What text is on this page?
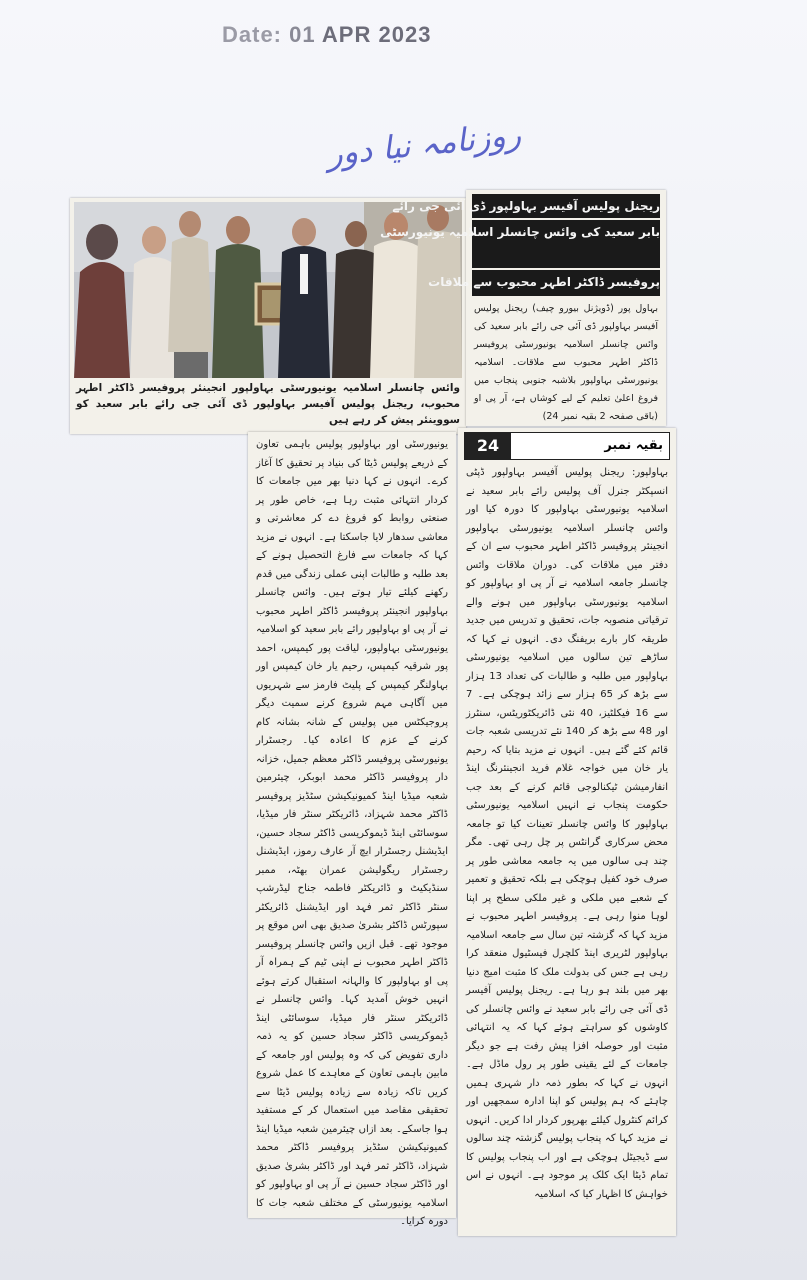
Date: 01 APR 2023
روزنامہ نیا دور
وائس چانسلر اسلامیہ یونیورسٹی بہاولپور انجینئر پروفیسر ڈاکٹر اطہر محبوب، ریجنل پولیس آفیسر بہاولپور ڈی آئی جی رائے بابر سعید کو سووینئر پیش کر رہے ہیں
ریجنل پولیس آفیسر بہاولپور ڈی آئی جی رائے
بابر سعید کی وائس چانسلر اسلامیہ یونیورسٹی
پروفیسر ڈاکٹر اطہر محبوب سے ملاقات
بہاول پور (ڈویژنل بیورو چیف) ریجنل پولیس آفیسر بہاولپور ڈی آئی جی رائے بابر سعید کی وائس چانسلر اسلامیہ یونیورسٹی پروفیسر ڈاکٹر اطہر محبوب سے ملاقات۔ اسلامیہ یونیورسٹی بہاولپور بلاشبہ جنوبی پنجاب میں فروغ اعلیٰ تعلیم کے لیے کوشاں ہے، آر پی او (باقی صفحہ 2 بقیہ نمبر 24)
یونیورسٹی اور بہاولپور پولیس باہمی تعاون کے ذریعے پولیس ڈیٹا کی بنیاد پر تحقیق کا آغاز کرے۔ انہوں نے کہا دنیا بھر میں جامعات کا کردار انتہائی مثبت رہا ہے، خاص طور پر صنعتی روابط کو فروغ دے کر معاشرتی و معاشی سدھار لایا جاسکتا ہے۔ انہوں نے مزید کہا کہ جامعات سے فارغ التحصیل ہونے کے بعد طلبہ و طالبات اپنی عملی زندگی میں قدم رکھنے کیلئے تیار ہوتے ہیں۔ وائس چانسلر بہاولپور انجینئر پروفیسر ڈاکٹر اطہر محبوب نے آر پی او بہاولپور رائے بابر سعید کو اسلامیہ یونیورسٹی بہاولپور، لیاقت پور کیمپس، احمد پور شرقیہ کیمپس، رحیم یار خان کیمپس اور بہاولنگر کیمپس کے پلیٹ فارمز سے شہریوں میں آگاہی مہم شروع کرنے سمیت دیگر پروجیکٹس میں پولیس کے شانہ بشانہ کام کرنے کے عزم کا اعادہ کیا۔ رجسٹرار یونیورسٹی پروفیسر ڈاکٹر معظم جمیل، خزانہ دار پروفیسر ڈاکٹر محمد ابوبکر، چیئرمین شعبہ میڈیا اینڈ کمیونیکیشن سٹڈیز پروفیسر ڈاکٹر محمد شہزاد، ڈائریکٹر سنٹر فار میڈیا، سوسائٹی اینڈ ڈیموکریسی ڈاکٹر سجاد حسین، ایڈیشنل رجسٹرار ایچ آر عارف رموز، ایڈیشنل رجسٹرار ریگولیشن عمران بھٹہ، ممبر سنڈیکیٹ و ڈائریکٹر فاطمہ جناح لیڈرشپ سنٹر ڈاکٹر ثمر فہد اور ایڈیشنل ڈائریکٹر سپورٹس ڈاکٹر بشریٰ صدیق بھی اس موقع پر موجود تھے۔ قبل ازیں وائس چانسلر پروفیسر ڈاکٹر اطہر محبوب نے اپنی ٹیم کے ہمراہ آر پی او بہاولپور کا والہانہ استقبال کرتے ہوئے انہیں خوش آمدید کہا۔ وائس چانسلر نے ڈائریکٹر سنٹر فار میڈیا، سوسائٹی اینڈ ڈیموکریسی ڈاکٹر سجاد حسین کو یہ ذمہ داری تفویض کی کہ وہ پولیس اور جامعہ کے مابین باہمی تعاون کے معاہدے کا عمل شروع کریں تاکہ زیادہ سے زیادہ پولیس ڈیٹا سے تحقیقی مقاصد میں استعمال کر کے مستفید ہوا جاسکے۔ بعد ازاں چیئرمین شعبہ میڈیا اینڈ کمیونیکیشن سٹڈیز پروفیسر ڈاکٹر محمد شہزاد، ڈاکٹر ثمر فہد اور ڈاکٹر بشریٰ صدیق اور ڈاکٹر سجاد حسین نے آر پی او بہاولپور کو اسلامیہ یونیورسٹی کے مختلف شعبہ جات کا دورہ کرایا۔
24	بقیہ نمبر
بہاولپور: ریجنل پولیس آفیسر بہاولپور ڈپٹی انسپکٹر جنرل آف پولیس رائے بابر سعید نے اسلامیہ یونیورسٹی بہاولپور کا دورہ کیا اور وائس چانسلر اسلامیہ یونیورسٹی بہاولپور انجینئر پروفیسر ڈاکٹر اطہر محبوب سے ان کے دفتر میں ملاقات کی۔ دوران ملاقات وائس چانسلر جامعہ اسلامیہ نے آر پی او بہاولپور کو اسلامیہ یونیورسٹی بہاولپور میں ہونے والے ترقیاتی منصوبہ جات، تحقیق و تدریس میں جدید طریقہ کار بارے بریفنگ دی۔ انہوں نے کہا کہ ساڑھے تین سالوں میں اسلامیہ یونیورسٹی بہاولپور میں طلبہ و طالبات کی تعداد 13 ہزار سے بڑھ کر 65 ہزار سے زائد ہوچکی ہے۔ 7 سے 16 فیکلٹیز، 40 نئی ڈائریکٹوریٹس، سنٹرز اور 48 سے بڑھ کر 140 نئے تدریسی شعبہ جات قائم کئے گئے ہیں۔ انہوں نے مزید بتایا کہ رحیم یار خان میں خواجہ غلام فرید انجینئرنگ اینڈ انفارمیشن ٹیکنالوجی قائم کرنے کے بعد جب حکومت پنجاب نے انہیں اسلامیہ یونیورسٹی بہاولپور کا وائس چانسلر تعینات کیا تو جامعہ محض سرکاری گرانٹس پر چل رہی تھی۔ مگر چند ہی سالوں میں یہ جامعہ معاشی طور پر صرف خود کفیل ہوچکی ہے بلکہ تحقیق و تعمیر کے شعبے میں ملکی و غیر ملکی سطح پر اپنا لوہا منوا رہی ہے۔ پروفیسر اطہر محبوب نے مزید کہا کہ گزشتہ تین سال سے جامعہ اسلامیہ بہاولپور لٹریری اینڈ کلچرل فیسٹیول منعقد کرا رہی ہے جس کی بدولت ملک کا مثبت امیج دنیا بھر میں بلند ہو رہا ہے۔ ریجنل پولیس آفیسر ڈی آئی جی رائے بابر سعید نے وائس چانسلر کی کاوشوں کو سراہتے ہوئے کہا کہ یہ انتہائی مثبت اور حوصلہ افزا پیش رفت ہے جو دیگر جامعات کے لئے یقینی طور پر رول ماڈل ہے۔ انہوں نے کہا کہ بطور ذمہ دار شہری ہمیں چاہئے کہ ہم پولیس کو اپنا ادارہ سمجھیں اور کرائم کنٹرول کیلئے بھرپور کردار ادا کریں۔ انہوں نے مزید کہا کہ پنجاب پولیس گزشتہ چند سالوں سے ڈیجیٹل ہوچکی ہے اور اب پنجاب پولیس کا تمام ڈیٹا ایک کلک پر موجود ہے۔ انہوں نے اس خواہش کا اظہار کیا کہ اسلامیہ
